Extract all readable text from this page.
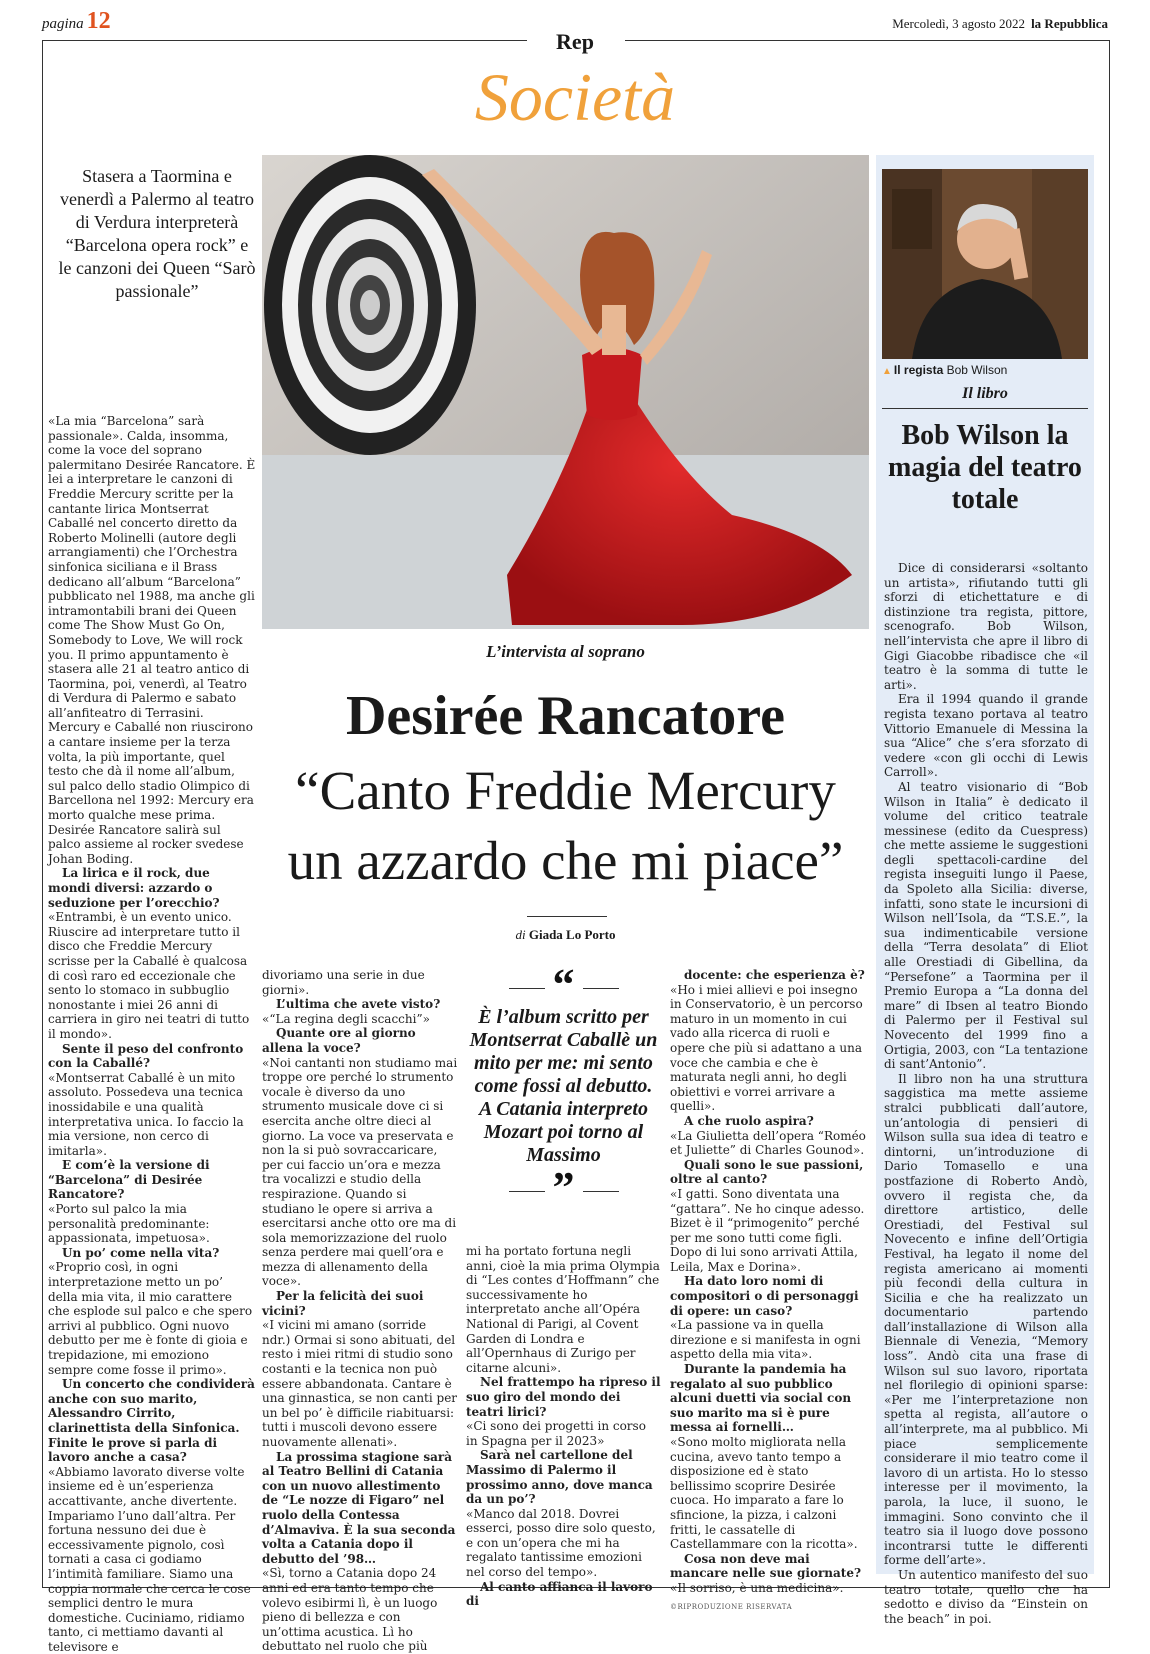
pagina 12	Mercoledì, 3 agosto 2022 la Repubblica
Rep
Società
Stasera a Taormina e venerdì a Palermo al teatro di Verdura interpreterà “Barcelona opera rock” e le canzoni dei Queen “Sarò passionale”

«La mia “Barcelona” sarà passionale». Calda, insomma, come la voce del soprano palermitano Desirée Rancatore. È lei a interpretare le canzoni di Freddie Mercury scritte per la cantante lirica Montserrat Caballé nel concerto diretto da Roberto Molinelli (autore degli arrangiamenti) che l’Orchestra sinfonica siciliana e il Brass dedicano all’album “Barcelona” pubblicato nel 1988, ma anche gli intramontabili brani dei Queen come The Show Must Go On, Somebody to Love, We will rock you. Il primo appuntamento è stasera alle 21 al teatro antico di Taormina, poi, venerdì, al Teatro di Verdura di Palermo e sabato all’anfiteatro di Terrasini.

Mercury e Caballé non riuscirono a cantare insieme per la terza volta, la più importante, quel testo che dà il nome all’album, sul palco dello stadio Olimpico di Barcellona nel 1992: Mercury era morto qualche mese prima. Desirée Rancatore salirà sul palco assieme al rocker svedese Johan Boding.

La lirica e il rock, due mondi diversi: azzardo o seduzione per l’orecchio?

«Entrambi, è un evento unico. Riuscire ad interpretare tutto il disco che Freddie Mercury scrisse per la Caballé è qualcosa di così raro ed eccezionale che sento lo stomaco in subbuglio nonostante i miei 26 anni di carriera in giro nei teatri di tutto il mondo».

Sente il peso del confronto con la Caballé?

«Montserrat Caballé è un mito assoluto. Possedeva una tecnica inossidabile e una qualità interpretativa unica. Io faccio la mia versione, non cerco di imitarla».

E com’è la versione di “Barcelona” di Desirée Rancatore?

«Porto sul palco la mia personalità predominante: appassionata, impetuosa».

Un po’ come nella vita?

«Proprio così, in ogni interpretazione metto un po’ della mia vita, il mio carattere che esplode sul palco e che spero arrivi al pubblico. Ogni nuovo debutto per me è fonte di gioia e trepidazione, mi emoziono sempre come fosse il primo».

Un concerto che condividerà anche con suo marito, Alessandro Cirrito, clarinettista della Sinfonica. Finite le prove si parla di lavoro anche a casa?

«Abbiamo lavorato diverse volte insieme ed è un’esperienza accattivante, anche divertente. Impariamo l’uno dall’altra. Per fortuna nessuno dei due è eccessivamente pignolo, così tornati a casa ci godiamo l’intimità familiare. Siamo una coppia normale che cerca le cose semplici dentro le mura domestiche. Cuciniamo, ridiamo tanto, ci mettiamo davanti al televisore e

L’intervista al soprano
Desirée Rancatore
“Canto Freddie Mercury un azzardo che mi piace”
di Giada Lo Porto

divoriamo una serie in due giorni».

L’ultima che avete visto?

«“La regina degli scacchi”»

Quante ore al giorno allena la voce?

«Noi cantanti non studiamo mai troppe ore perché lo strumento vocale è diverso da uno strumento musicale dove ci si esercita anche oltre dieci al giorno. La voce va preservata e non la si può sovraccaricare, per cui faccio un’ora e mezza tra vocalizzi e studio della respirazione. Quando si studiano le opere si arriva a esercitarsi anche otto ore ma di sola memorizzazione del ruolo senza perdere mai quell’ora e mezza di allenamento della voce».

Per la felicità dei suoi vicini?

«I vicini mi amano (sorride ndr.) Ormai si sono abituati, del resto i miei ritmi di studio sono costanti e la tecnica non può essere abbandonata. Cantare è una ginnastica, se non canti per un bel po’ è difficile riabituarsi: tutti i muscoli devono essere nuovamente allenati».

La prossima stagione sarà al Teatro Bellini di Catania con un nuovo allestimento de “Le nozze di Figaro” nel ruolo della Contessa d’Almaviva. È la sua seconda volta a Catania dopo il debutto del ’98…

«Sì, torno a Catania dopo 24 anni ed era tanto tempo che volevo esibirmi lì, è un luogo pieno di bellezza e con un’ottima acustica. Lì ho debuttato nel ruolo che più

“
È l’album scritto per Montserrat Caballè un mito per me: mi sento come fossi al debutto. A Catania interpreto Mozart poi torno al Massimo
”

mi ha portato fortuna negli anni, cioè la mia prima Olympia di “Les contes d’Hoffmann” che successivamente ho interpretato anche all’Opéra National di Parigi, al Covent Garden di Londra e all’Opernhaus di Zurigo per citarne alcuni».

Nel frattempo ha ripreso il suo giro del mondo dei teatri lirici?

«Ci sono dei progetti in corso in Spagna per il 2023»

Sarà nel cartellone del Massimo di Palermo il prossimo anno, dove manca da un po’?

«Manco dal 2018. Dovrei esserci, posso dire solo questo, e con un’opera che mi ha regalato tantissime emozioni nel corso del tempo».

Al canto affianca il lavoro di

docente: che esperienza è?

«Ho i miei allievi e poi insegno in Conservatorio, è un percorso maturo in un momento in cui vado alla ricerca di ruoli e opere che più si adattano a una voce che cambia e che è maturata negli anni, ho degli obiettivi e vorrei arrivare a quelli».

A che ruolo aspira?

«La Giulietta dell’opera “Roméo et Juliette” di Charles Gounod».

Quali sono le sue passioni, oltre al canto?

«I gatti. Sono diventata una “gattara”. Ne ho cinque adesso. Bizet è il “primogenito” perché per me sono tutti come figli. Dopo di lui sono arrivati Attila, Leila, Max e Dorina».

Ha dato loro nomi di compositori o di personaggi di opere: un caso?

«La passione va in quella direzione e si manifesta in ogni aspetto della mia vita».

Durante la pandemia ha regalato al suo pubblico alcuni duetti via social con suo marito ma si è pure messa ai fornelli…

«Sono molto migliorata nella cucina, avevo tanto tempo a disposizione ed è stato bellissimo scoprire Desirée cuoca. Ho imparato a fare lo sfincione, la pizza, i calzoni fritti, le cassatelle di Castellammare con la ricotta».

Cosa non deve mai mancare nelle sue giornate?

«Il sorriso, è una medicina».

©RIPRODUZIONE RISERVATA
▲ Il regista Bob Wilson
Il libro
Bob Wilson la magia del teatro totale

Dice di considerarsi «soltanto un artista», rifiutando tutti gli sforzi di etichettature e di distinzione tra regista, pittore, scenografo. Bob Wilson, nell’intervista che apre il libro di Gigi Giacobbe ribadisce che «il teatro è la somma di tutte le arti».

Era il 1994 quando il grande regista texano portava al teatro Vittorio Emanuele di Messina la sua “Alice” che s’era sforzato di vedere «con gli occhi di Lewis Carroll».

Al teatro visionario di “Bob Wilson in Italia” è dedicato il volume del critico teatrale messinese (edito da Cuespress) che mette assieme le suggestioni degli spettacoli-cardine del regista inseguiti lungo il Paese, da Spoleto alla Sicilia: diverse, infatti, sono state le incursioni di Wilson nell’Isola, da “T.S.E.”, la sua indimenticabile versione della “Terra desolata” di Eliot alle Orestiadi di Gibellina, da “Persefone” a Taormina per il Premio Europa a “La donna del mare” di Ibsen al teatro Biondo di Palermo per il Festival sul Novecento del 1999 fino a Ortigia, 2003, con “La tentazione di sant’Antonio”.

Il libro non ha una struttura saggistica ma mette assieme stralci pubblicati dall’autore, un’antologia di pensieri di Wilson sulla sua idea di teatro e dintorni, un’introduzione di Dario Tomasello e una postfazione di Roberto Andò, ovvero il regista che, da direttore artistico, delle Orestiadi, del Festival sul Novecento e infine dell’Ortigia Festival, ha legato il nome del regista americano ai momenti più fecondi della cultura in Sicilia e che ha realizzato un documentario partendo dall’installazione di Wilson alla Biennale di Venezia, “Memory loss”. Andò cita una frase di Wilson sul suo lavoro, riportata nel florilegio di opinioni sparse: «Per me l’interpretazione non spetta al regista, all’autore o all’interprete, ma al pubblico. Mi piace semplicemente considerare il mio teatro come il lavoro di un artista. Ho lo stesso interesse per il movimento, la parola, la luce, il suono, le immagini. Sono convinto che il teatro sia il luogo dove possono incontrarsi tutte le differenti forme dell’arte».

Un autentico manifesto del suo teatro totale, quello che ha sedotto e diviso da “Einstein on the beach” in poi.
